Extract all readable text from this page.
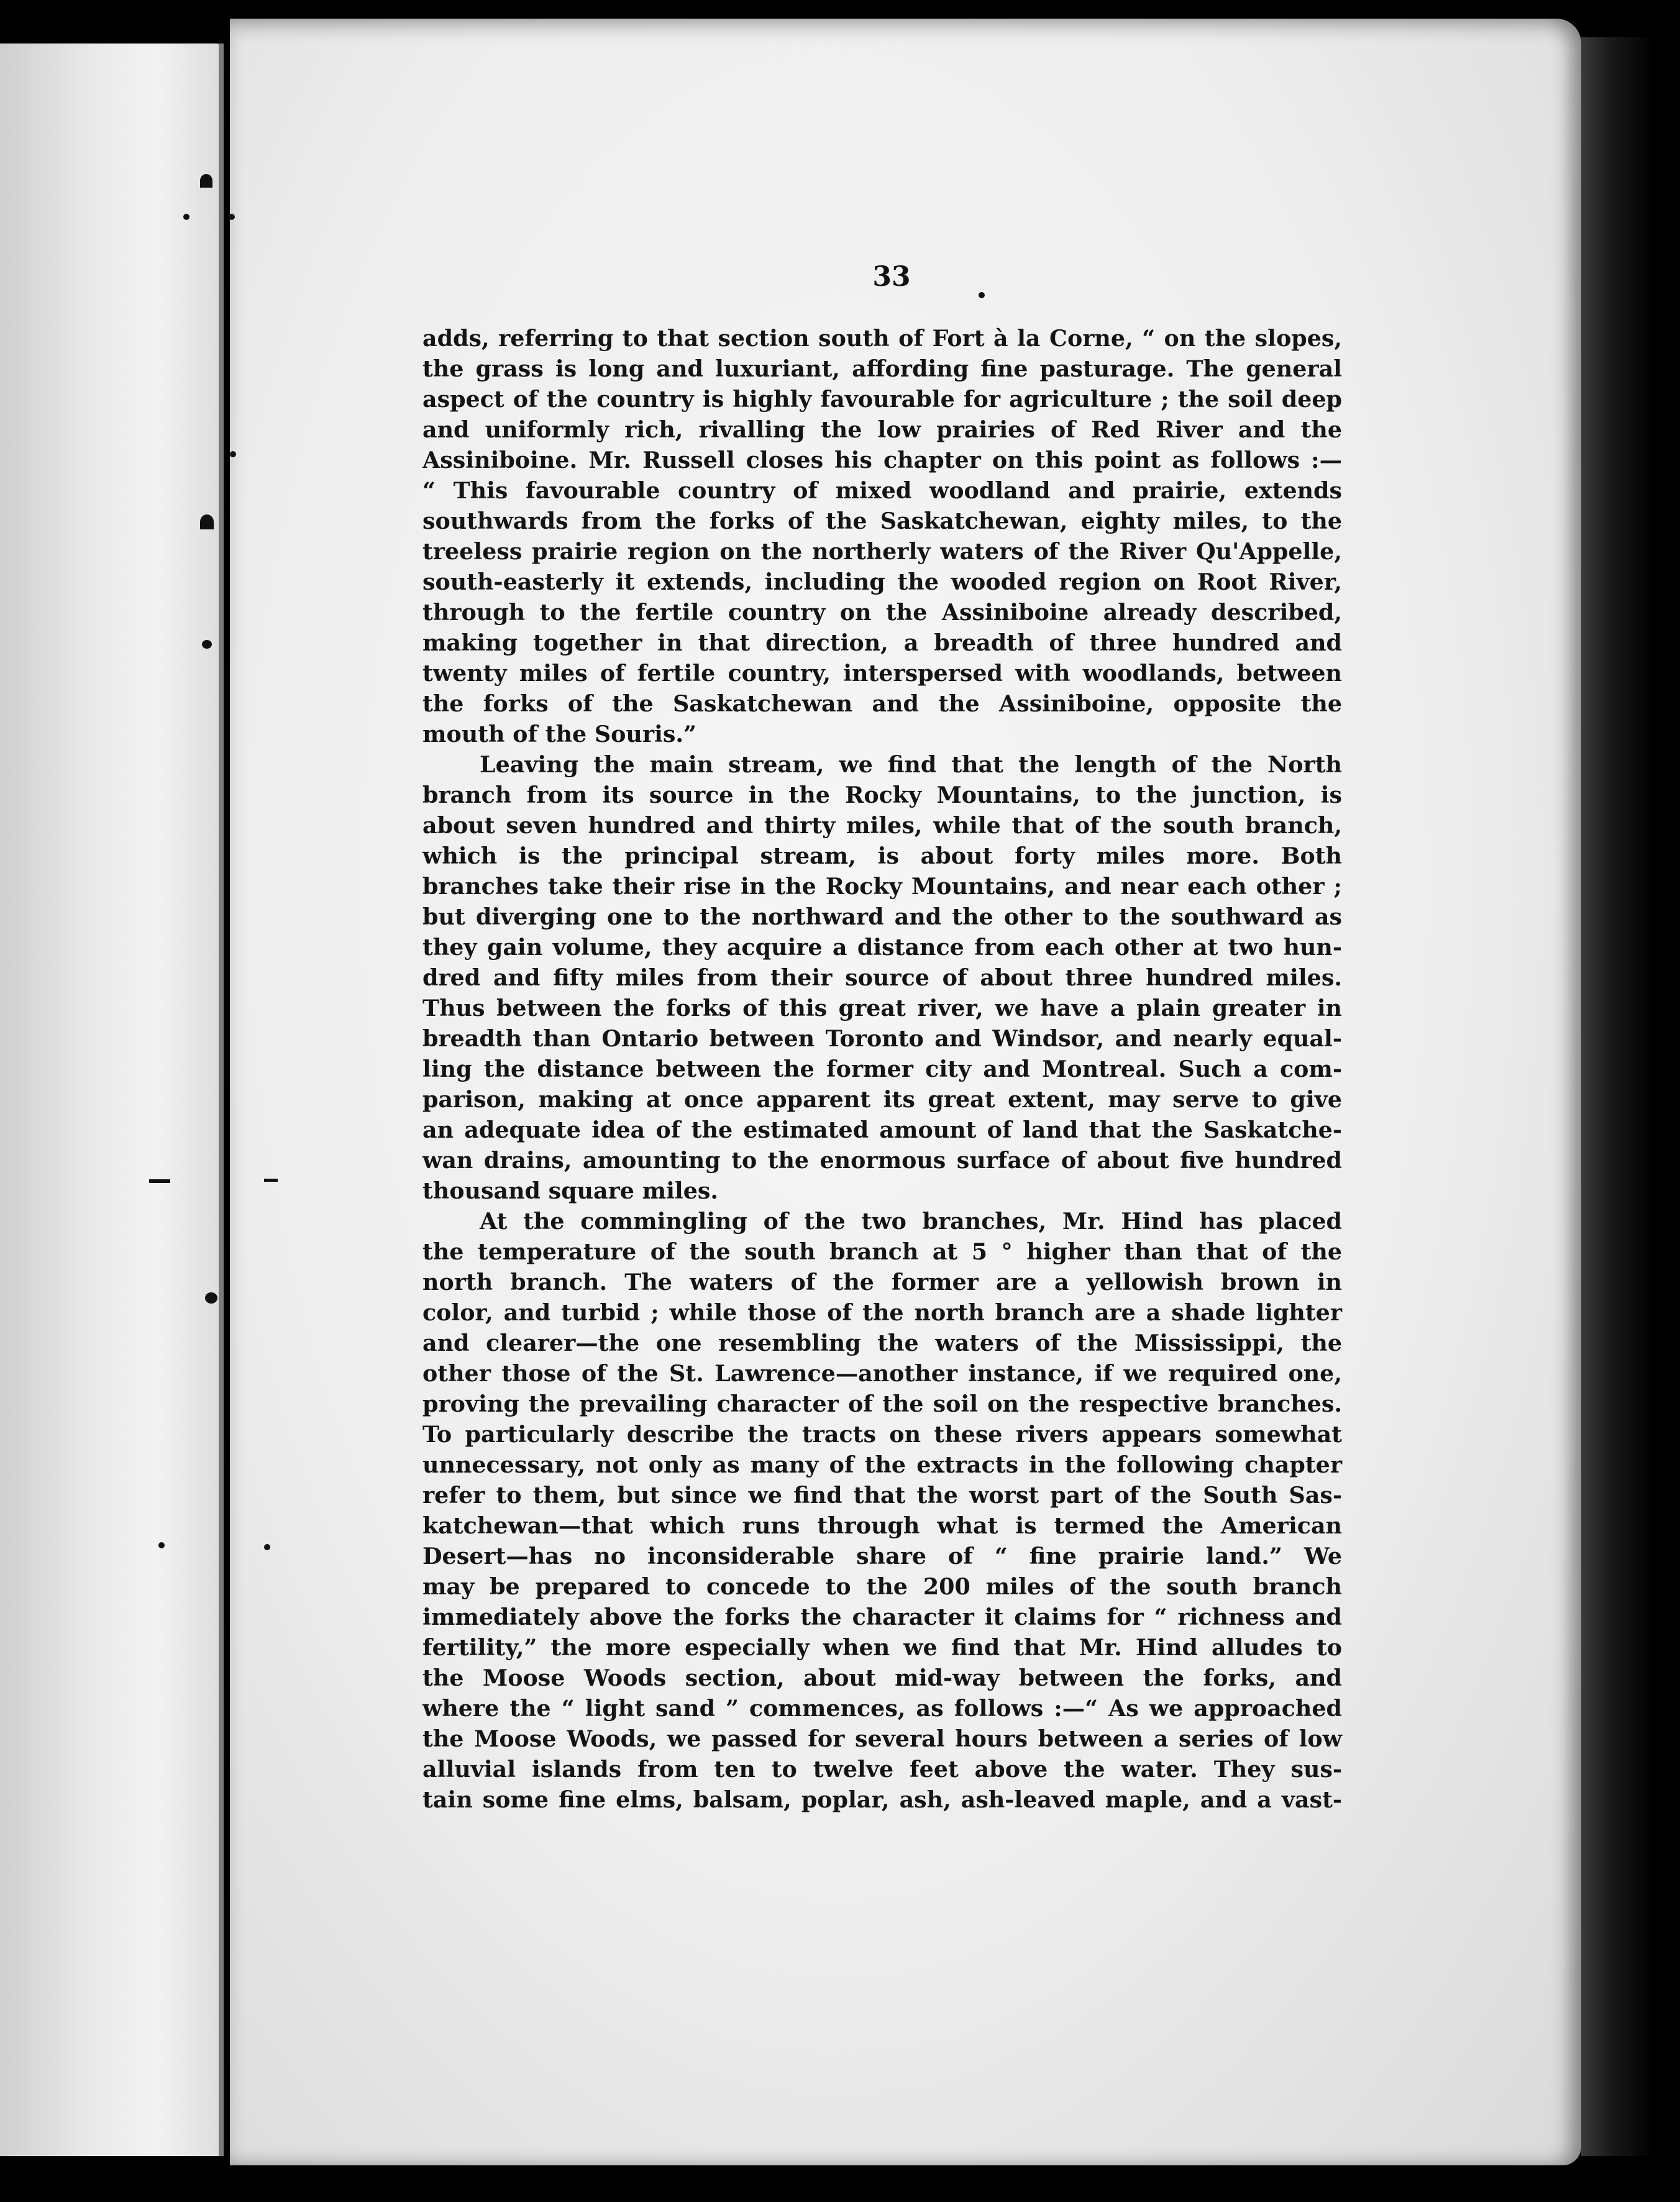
33
adds, referring to that section south of Fort à la Corne, “ on the slopes,
the grass is long and luxuriant, affording fine pasturage. The general
aspect of the country is highly favourable for agriculture ; the soil deep
and uniformly rich, rivalling the low prairies of Red River and the
Assiniboine. Mr. Russell closes his chapter on this point as follows :—
“ This favourable country of mixed woodland and prairie, extends
southwards from the forks of the Saskatchewan, eighty miles, to the
treeless prairie region on the northerly waters of the River Qu'Appelle,
south-easterly it extends, including the wooded region on Root River,
through to the fertile country on the Assiniboine already described,
making together in that direction, a breadth of three hundred and
twenty miles of fertile country, interspersed with woodlands, between
the forks of the Saskatchewan and the Assiniboine, opposite the
mouth of the Souris.”
Leaving the main stream, we find that the length of the North
branch from its source in the Rocky Mountains, to the junction, is
about seven hundred and thirty miles, while that of the south branch,
which is the principal stream, is about forty miles more. Both
branches take their rise in the Rocky Mountains, and near each other ;
but diverging one to the northward and the other to the southward as
they gain volume, they acquire a distance from each other at two hun-
dred and fifty miles from their source of about three hundred miles.
Thus between the forks of this great river, we have a plain greater in
breadth than Ontario between Toronto and Windsor, and nearly equal-
ling the distance between the former city and Montreal. Such a com-
parison, making at once apparent its great extent, may serve to give
an adequate idea of the estimated amount of land that the Saskatche-
wan drains, amounting to the enormous surface of about five hundred
thousand square miles.
At the commingling of the two branches, Mr. Hind has placed
the temperature of the south branch at 5 ° higher than that of the
north branch. The waters of the former are a yellowish brown in
color, and turbid ; while those of the north branch are a shade lighter
and clearer—the one resembling the waters of the Mississippi, the
other those of the St. Lawrence—another instance, if we required one,
proving the prevailing character of the soil on the respective branches.
To particularly describe the tracts on these rivers appears somewhat
unnecessary, not only as many of the extracts in the following chapter
refer to them, but since we find that the worst part of the South Sas-
katchewan—that which runs through what is termed the American
Desert—has no inconsiderable share of “ fine prairie land.” We
may be prepared to concede to the 200 miles of the south branch
immediately above the forks the character it claims for “ richness and
fertility,” the more especially when we find that Mr. Hind alludes to
the Moose Woods section, about mid-way between the forks, and
where the “ light sand ” commences, as follows :—“ As we approached
the Moose Woods, we passed for several hours between a series of low
alluvial islands from ten to twelve feet above the water. They sus-
tain some fine elms, balsam, poplar, ash, ash-leaved maple, and a vast-
